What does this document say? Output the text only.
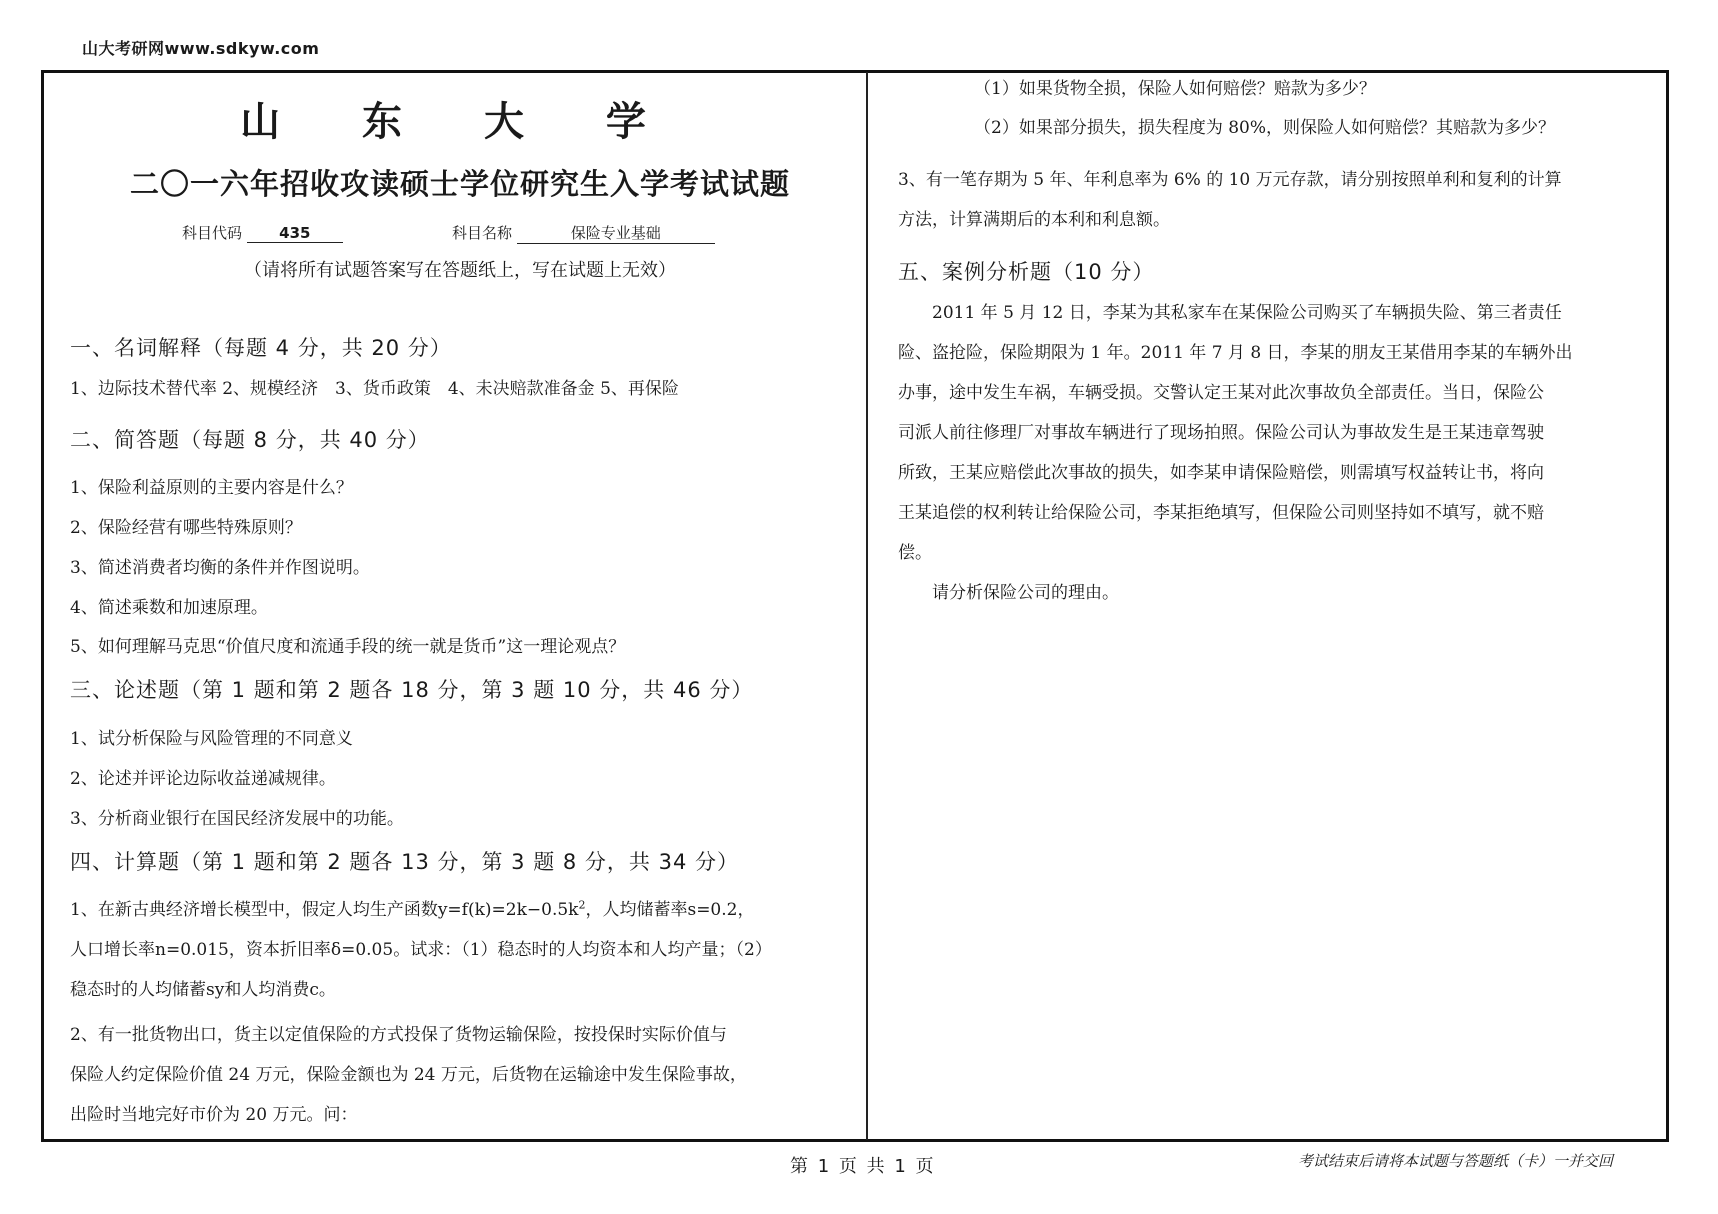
山大考研网www.sdkyw.com
山 东 大 学
二〇一六年招收攻读硕士学位研究生入学考试试题
科目代码 435	科目名称	保险专业基础
（请将所有试题答案写在答题纸上，写在试题上无效）
一、名词解释（每题 4 分，共 20 分）
1、边际技术替代率 2、规模经济　3、货币政策　4、未决赔款准备金 5、再保险
二、简答题（每题 8 分，共 40 分）
1、保险利益原则的主要内容是什么？
2、保险经营有哪些特殊原则？
3、简述消费者均衡的条件并作图说明。
4、简述乘数和加速原理。
5、如何理解马克思“价值尺度和流通手段的统一就是货币”这一理论观点？
三、论述题（第 1 题和第 2 题各 18 分，第 3 题 10 分，共 46 分）
1、试分析保险与风险管理的不同意义
2、论述并评论边际收益递减规律。
3、分析商业银行在国民经济发展中的功能。
四、计算题（第 1 题和第 2 题各 13 分，第 3 题 8 分，共 34 分）
1、在新古典经济增长模型中，假定人均生产函数$y=f(k)=2k-0.5k^2$，人均储蓄率s=0.2，
人口增长率n=0.015，资本折旧率δ=0.05。试求：（1）稳态时的人均资本和人均产量；（2）
稳态时的人均储蓄sy和人均消费c。
2、有一批货物出口，货主以定值保险的方式投保了货物运输保险，按投保时实际价值与
保险人约定保险价值 24 万元，保险金额也为 24 万元，后货物在运输途中发生保险事故，
出险时当地完好市价为 20 万元。问：
（1）如果货物全损，保险人如何赔偿？赔款为多少？
（2）如果部分损失，损失程度为 80%，则保险人如何赔偿？其赔款为多少？
3、有一笔存期为 5 年、年利息率为 6% 的 10 万元存款，请分别按照单利和复利的计算
方法，计算满期后的本利和利息额。
五、案例分析题（10 分）
　　2011 年 5 月 12 日，李某为其私家车在某保险公司购买了车辆损失险、第三者责任
险、盗抢险，保险期限为 1 年。2011 年 7 月 8 日，李某的朋友王某借用李某的车辆外出
办事，途中发生车祸，车辆受损。交警认定王某对此次事故负全部责任。当日，保险公
司派人前往修理厂对事故车辆进行了现场拍照。保险公司认为事故发生是王某违章驾驶
所致，王某应赔偿此次事故的损失，如李某申请保险赔偿，则需填写权益转让书，将向
王某追偿的权利转让给保险公司，李某拒绝填写，但保险公司则坚持如不填写，就不赔
偿。
　　请分析保险公司的理由。
第 1 页 共 1 页	考试结束后请将本试题与答题纸（卡）一并交回
